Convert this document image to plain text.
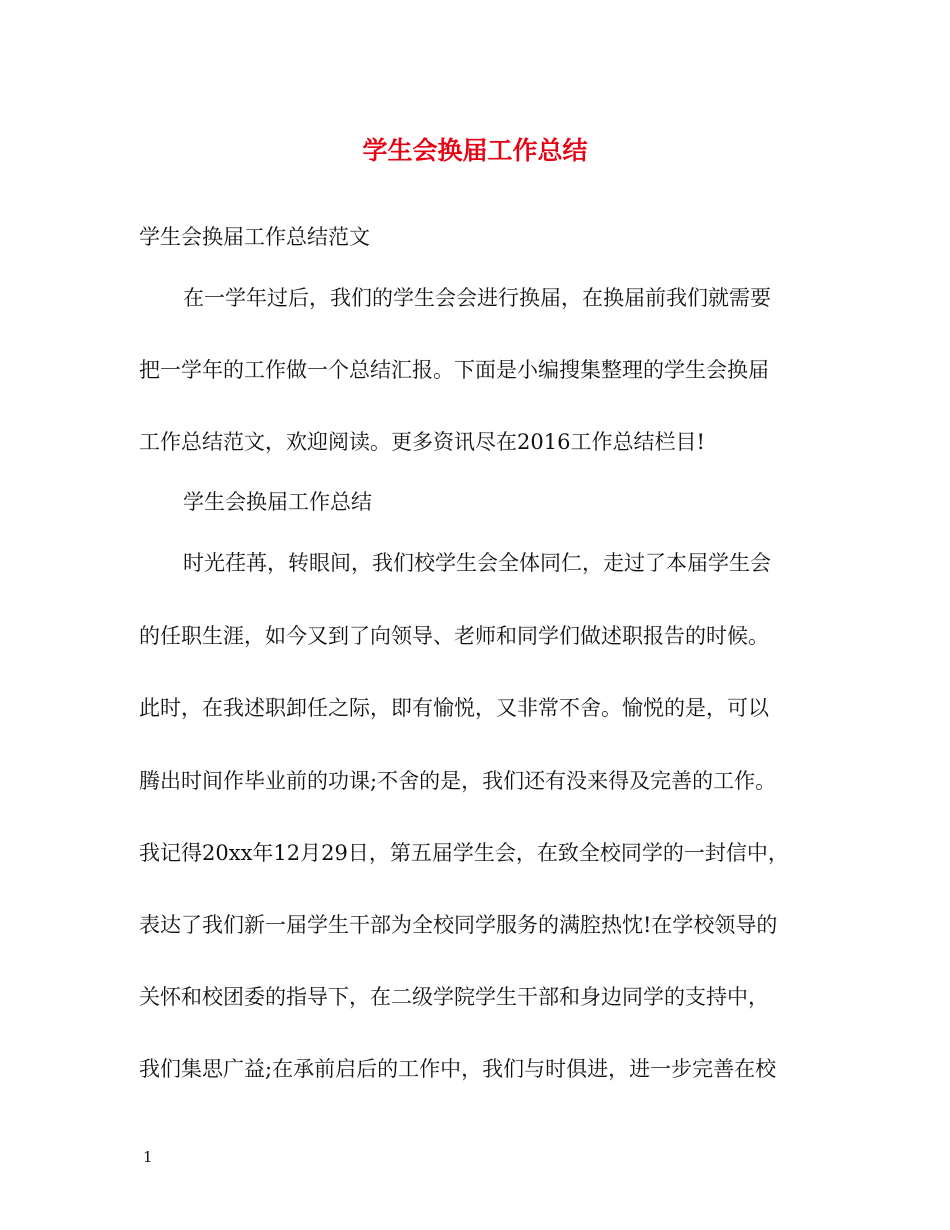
学生会换届工作总结

学生会换届工作总结范文

在一学年过后，我们的学生会会进行换届，在换届前我们就需要

把一学年的工作做一个总结汇报。下面是小编搜集整理的学生会换届

工作总结范文，欢迎阅读。更多资讯尽在2016工作总结栏目!

学生会换届工作总结

时光荏苒，转眼间，我们校学生会全体同仁，走过了本届学生会

的任职生涯，如今又到了向领导、老师和同学们做述职报告的时候。

此时，在我述职卸任之际，即有愉悦，又非常不舍。愉悦的是，可以

腾出时间作毕业前的功课;不舍的是，我们还有没来得及完善的工作。

我记得20xx年12月29日，第五届学生会，在致全校同学的一封信中，

表达了我们新一届学生干部为全校同学服务的满腔热忱!在学校领导的

关怀和校团委的指导下，在二级学院学生干部和身边同学的支持中，

我们集思广益;在承前启后的工作中，我们与时俱进，进一步完善在校

1
